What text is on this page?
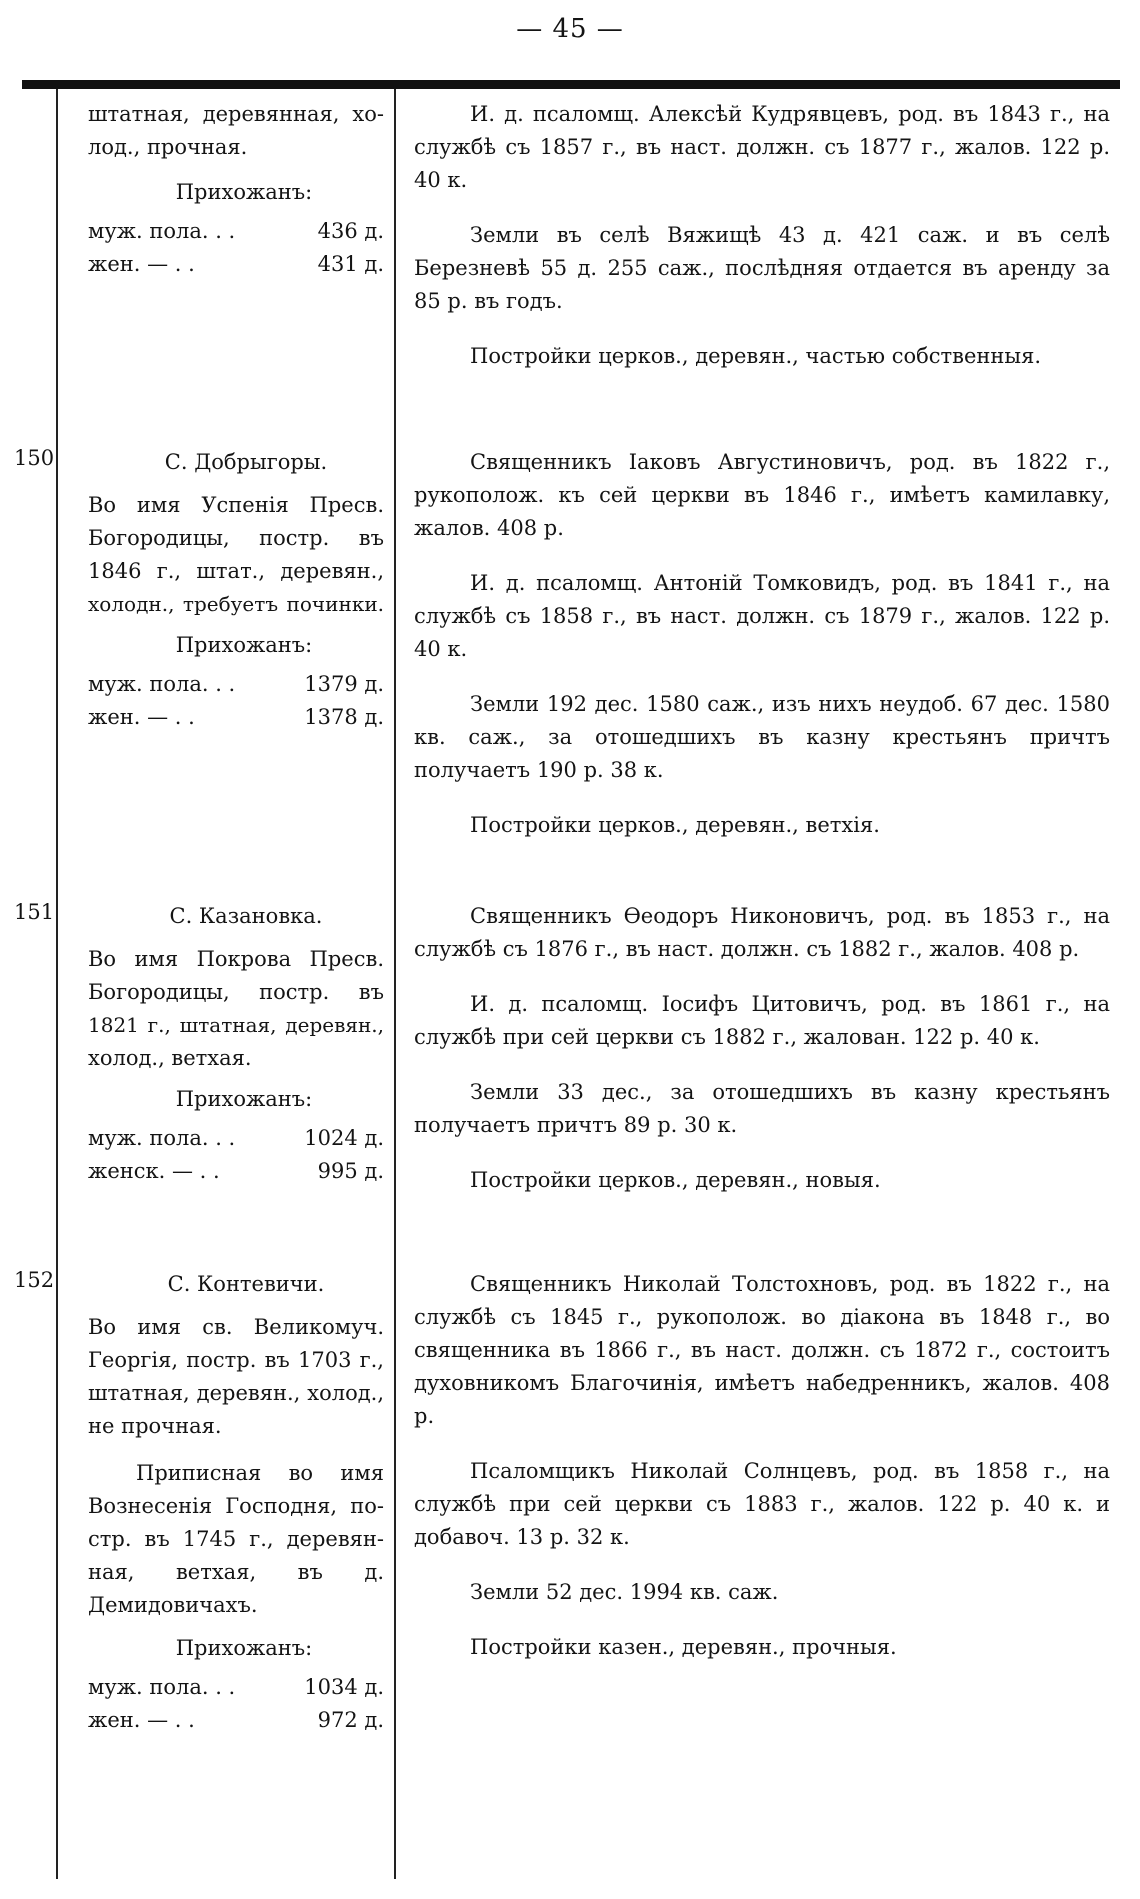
— 45 —
штатная, деревянная, хо-
лод., прочная.
Прихожанъ:
муж. пола. . .	436 д.
жен. — . .	431 д.

И. д. псаломщ. Алексѣй Кудрявцевъ, род. въ 1843 г., на службѣ съ 1857 г., въ наст. должн. съ 1877 г., жалов. 122 р. 40 к.

Земли въ селѣ Вяжищѣ 43 д. 421 саж. и въ селѣ Березневѣ 55 д. 255 саж., послѣдняя отдается въ аренду за 85 р. въ годъ.

Постройки церков., деревян., частью собственныя.

150	С. Добрыгоры.
Во имя Успенія Пресв.
Богородицы, постр. въ
1846 г., штат., деревян.,
холодн., требуетъ починки.
Прихожанъ:
муж. пола. . .	1379 д.
жен. — . .	1378 д.

Священникъ Іаковъ Августиновичъ, род. въ 1822 г., рукополож. къ сей церкви въ 1846 г., имѣетъ камилавку, жалов. 408 р.

И. д. псаломщ. Антоній Томковидъ, род. въ 1841 г., на службѣ съ 1858 г., въ наст. должн. съ 1879 г., жалов. 122 р. 40 к.

Земли 192 дес. 1580 саж., изъ нихъ неудоб. 67 дес. 1580 кв. саж., за отошедшихъ въ казну крестьянъ причтъ получаетъ 190 р. 38 к.

Постройки церков., деревян., ветхія.

151	С. Казановка.
Во имя Покрова Пресв.
Богородицы, постр. въ
1821 г., штатная, деревян.,
холод., ветхая.
Прихожанъ:
муж. пола. . .	1024 д.
женск. — . .	995 д.

Священникъ Ѳеодоръ Никоновичъ, род. въ 1853 г., на службѣ съ 1876 г., въ наст. должн. съ 1882 г., жалов. 408 р.

И. д. псаломщ. Іосифъ Цитовичъ, род. въ 1861 г., на службѣ при сей церкви съ 1882 г., жалован. 122 р. 40 к.

Земли 33 дес., за отошедшихъ въ казну крестьянъ получаетъ причтъ 89 р. 30 к.

Постройки церков., деревян., новыя.

152	С. Контевичи.
Во имя св. Великомуч.
Георгія, постр. въ 1703 г.,
штатная, деревян., холод.,
не прочная.
Приписная во имя
Вознесенія Господня, по-
стр. въ 1745 г., деревян-
ная, ветхая, въ д. Демидовичахъ.
Прихожанъ:
муж. пола. . .	1034 д.
жен. — . .	972 д.

Священникъ Николай Толстохновъ, род. въ 1822 г., на службѣ съ 1845 г., рукополож. во діакона въ 1848 г., во священника въ 1866 г., въ наст. должн. съ 1872 г., состоитъ духовникомъ Благочинія, имѣетъ набедренникъ, жалов. 408 р.

Псаломщикъ Николай Солнцевъ, род. въ 1858 г., на службѣ при сей церкви съ 1883 г., жалов. 122 р. 40 к. и добавоч. 13 р. 32 к.

Земли 52 дес. 1994 кв. саж.

Постройки казен., деревян., прочныя.
